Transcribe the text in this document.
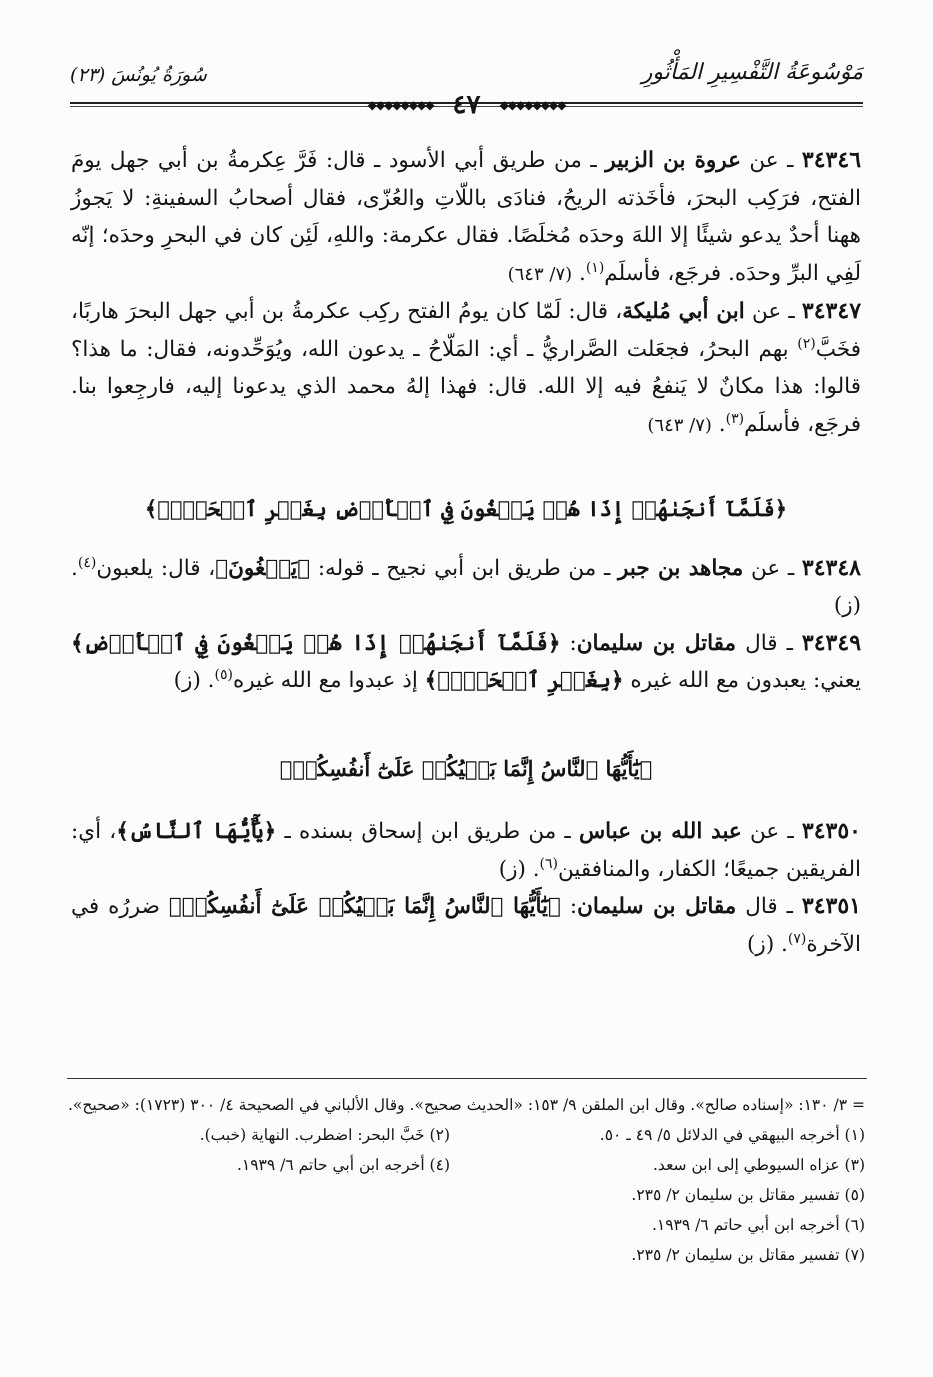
مَوْسُوعَةُ التَّفْسِيرِ المَأْثُورِ
سُورَةُ يُونُسَ (٢٣)
◆◆◆◆◆◆◆◆ ٤٧ ◆◆◆◆◆◆◆◆

٣٤٣٤٦ ـ عن عروة بن الزبير ـ من طريق أبي الأسود ـ قال: فَرَّ عِكرمةُ بن أبي جهل يومَ الفتح، فرَكِب البحرَ، فأخَذته الريحُ، فنادَى باللّاتِ والعُزّى، فقال أصحابُ السفينةِ: لا يَجوزُ ههنا أحدٌ يدعو شيئًا إلا اللهَ وحدَه مُخلَصًا. فقال عكرمة: واللهِ، لَئِن كان في البحرِ وحدَه؛ إنّه لَفِي البرِّ وحدَه. فرجَع، فأسلَم$^{(١)}$. (٧/ ٦٤٣)

٣٤٣٤٧ ـ عن ابن أبي مُليكة، قال: لَمّا كان يومُ الفتح ركِب عكرمةُ بن أبي جهل البحرَ هاربًا، فخَبَّ$^{(٢)}$ بهم البحرُ، فجعَلت الصَّراريُّ ـ أي: المَلّاحُ ـ يدعون الله، ويُوَحِّدونه، فقال: ما هذا؟ قالوا: هذا مكانٌ لا يَنفعُ فيه إلا الله. قال: فهذا إلهُ محمد الذي يدعونا إليه، فارجِعوا بنا. فرجَع، فأسلَم$^{(٣)}$. (٧/ ٦٤٣)

﴿فَلَمَّآ أَنجَىٰهُمۡ إِذَا هُمۡ يَبۡغُونَ فِي ٱلۡأَرۡضِ بِغَيۡرِ ٱلۡحَقِّۗ﴾

٣٤٣٤٨ ـ عن مجاهد بن جبر ـ من طريق ابن أبي نجيح ـ قوله: ﴿يَبۡغُونَ﴾، قال: يلعبون$^{(٤)}$. (ز)

٣٤٣٤٩ ـ قال مقاتل بن سليمان: ﴿فَلَمَّآ أَنجَىٰهُمۡ إِذَا هُمۡ يَبۡغُونَ فِي ٱلۡأَرۡضِ﴾ يعني: يعبدون مع الله غيره ﴿بِغَيۡرِ ٱلۡحَقِّۗ﴾ إذ عبدوا مع الله غيره$^{(٥)}$. (ز)

﴿يَٰٓأَيُّهَا ٱلنَّاسُ إِنَّمَا بَغۡيُكُمۡ عَلَىٰٓ أَنفُسِكُمۖ﴾

٣٤٣٥٠ ـ عن عبد الله بن عباس ـ من طريق ابن إسحاق بسنده ـ ﴿يَٰٓأَيُّهَا ٱلنَّاسُ﴾، أي: الفريقين جميعًا؛ الكفار، والمنافقين$^{(٦)}$. (ز)

٣٤٣٥١ ـ قال مقاتل بن سليمان: ﴿يَٰٓأَيُّهَا ٱلنَّاسُ إِنَّمَا بَغۡيُكُمۡ عَلَىٰٓ أَنفُسِكُمۖ﴾ ضررُه في الآخرة$^{(٧)}$. (ز)

= ٣/ ١٣٠: «إسناده صالح». وقال ابن الملقن ٩/ ١٥٣: «الحديث صحيح». وقال الألباني في الصحيحة ٤/ ٣٠٠ (١٧٢٣): «صحيح».

(١) أخرجه البيهقي في الدلائل ٥/ ٤٩ ـ ٥٠.

(٢) خَبَّ البحر: اضطرب. النهاية (خبب).

(٣) عزاه السيوطي إلى ابن سعد.

(٤) أخرجه ابن أبي حاتم ٦/ ١٩٣٩.

(٥) تفسير مقاتل بن سليمان ٢/ ٢٣٥.

(٦) أخرجه ابن أبي حاتم ٦/ ١٩٣٩.

(٧) تفسير مقاتل بن سليمان ٢/ ٢٣٥.
